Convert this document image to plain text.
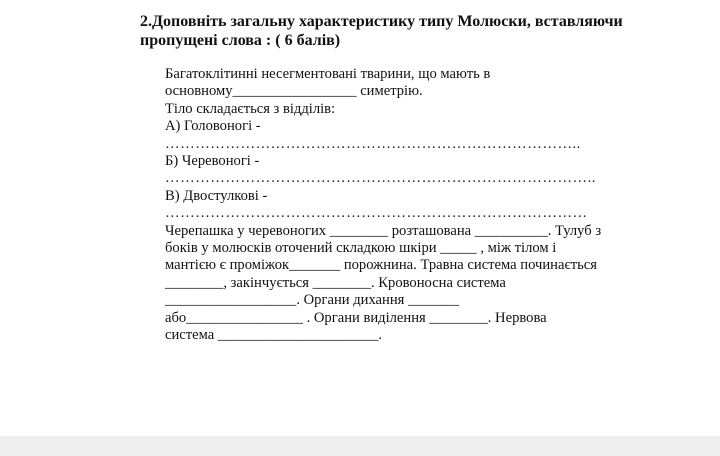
2.Доповніть загальну характеристику типу Молюски, вставляючи
пропущені слова : ( 6 балів)
Багатоклітинні несегментовані тварини, що мають в
основному_________________ симетрію.
Тіло складається з відділів:
А) Головоногі -
………………………………………………………………………..
Б) Черевоногі -
…………………………………………………………………………..
В) Двостулкові -
…………………………………………………………………………
Черепашка у черевоногих ________ розташована __________. Тулуб з
боків у молюсків оточений складкою шкіри _____ , між тілом і
мантією є проміжок_______ порожнина. Травна система починається
________, закінчується ________. Кровоносна система
__________________. Органи дихання _______
або________________ . Органи виділення ________. Нервова
система ______________________.
